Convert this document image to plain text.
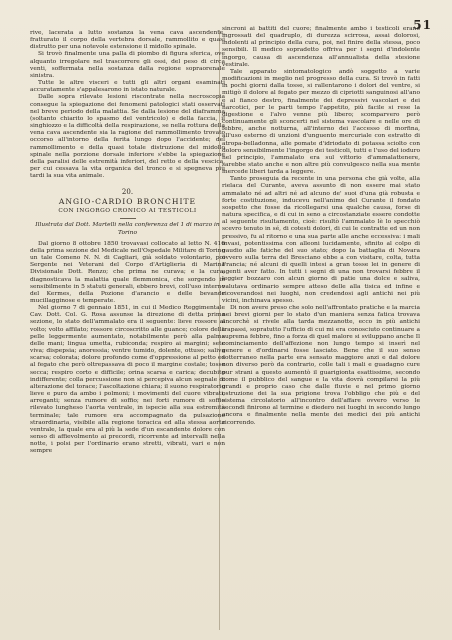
51

rive, lacerata a lutto sostanza la vena cava ascendente, fratturato il corpo della vertebra dorsale, rammollito e quasi distrutto per una notevole estensione il midollo spinale.

Si trovò finalmente una palla di piombo di figura sferica, ove alquanto irregolare nel trascorrere gli ossi, del peso di circa venti, soffermata nella sostanza dalla regione sopraorenale sinistra.

Tutte le altre visceri e tutti gli altri organi esaminati accuratamente s'appalesarono in istato naturale.

Dalle sopra rilevate lesioni riscontrate nella necroscopia consegue la spiegazione dei fenomeni patologici stati osservati nel breve periodo della malattia. Se dalla lesione del diaframma (soltanto chiarito lo spasmo del ventricolo) e della faccia, il singhiozzo e la difficoltà della respirazione, se nella rottura della vena cava ascendente sia la ragione del rammollimento trovato occorso all'intorno della ferita lungo dopo l'accidente; del rammollimento e della quasi totale distruzione del midollo spinale nella porzione dorsale inferiore s'ebbe la spiegazione della paralisi delle estremità inferiori, del retto e della vescica, per cui cessava la vita organica del tronco e si spegneva più tardi la sua vita animale.

20.
ANGIO-CARDIO BRONCHITE
CON INGORGO CRONICO AI TESTICOLI
Illustrata dal Dott. Martelli nella conferenza del 1 di marzo in Torino

Dal giorno 8 ottobre 1850 trovavasi collocato al letto N. 416 della prima sezione del Medicale nell'Ospedale Militare di Torino un tale Comeno N. N. di Cagliari, già soldato volontario, poi Sergente nei Veterani del Corpo d'Artiglieria di Marina Divisionale Dott. Renzo; che prima ne curava; e la cura, diagnosticava la malattia quale flemmonica, che sorgendo in sensibilmente in 5 statuti generali, ebbero brevi, coll'uso interno del Kermes, della Pozione d'arancio e delle bevande mucillagginose e temperate.

Nel giorno 7 di gennaio 1851, in cui il Medico Reggimentale Cav. Dott. Col. G. Rosa assunse la direzione di detta prima sezione, lo stato dell'ammalato era il seguente: lieve rossore al volto; volto affilato; rossore circoscritto alle guance; colore della pelle leggermente aumentato, notabilmente però alla palma delle mani; lingua umetta, rubiconda; respiro ai margini; sete viva; dispepsia; anoressia; ventre tumido, dolente, ottuso; saliva scarsa; colorata; dolore profondo come d'oppressione al petto ed al fegato che però oltrepassava di poco il margine costale; tosse secca; respiro corto e difficile; orina scarsa e carica; decubito indifferente; colla percussione non si percepiva alcun segnale di alterazione del torace; l'ascoltazione chiara; il suono respiratorio lieve e puro da ambo i polmoni; i movimenti del cuore vibrati, arreganti; senza rumore di soffio; nei forti rumore di soffio rilevato lungheso l'aorta ventrale, in ispecie alla sua estremità terminale; tale rumore era accompagnato da pulsazione straordinaria, visibile alla regione toracica ed alla stessa aorta ventrale, la quale era al più la sede d'un escandente dolore con senso di affievolmento ai precordi, ricorrente ad intervalli nella notte, i polsi per l'ordinario erano stretti, vibrati, vari e non sempre

sincroni ai battiti del cuore; finalmente ambo i testicoli erano ingrossati del quadruplo, di durezza scirrosa, assai dolorosi, indolenti al principio della cura, poi, nel finire della stessa, poco sensibili. Il medico sopradetto offriva per i segni d'indolente ingorgo, causa di ascendenza all'annualista della stesione vestirale.

Tale apparato sintomatologico andò soggetto a varie modificazioni in meglio nel progresso della cura. Si trovò in fatti in pochi giorni dalla tosse, si rallentarono i dolori del ventre, si mitigò il dolore al fegato per mezzo di cipriotti sanguinosi all'ano e al fianco destro, finalmente dei depressivi vascolari e dei narcotici, per le parti tempo l'appetito, più facile si rese la digestione e l'alvo venne più libero; scomparvero però continuamente gli sconcerti nel sistema vascolare e nelle ore di febbre, anche notturna, all'interno dei l'accesso di morfina, all'uso esterno di unzioni d'unguento mercuriale con estratto di atropa-belladonna, alle pomate d'idriodato di potassa sciolto con doloro sensibilmente l'ingorgo dei testicoli, tutti e l'uso del ioduro nel principio, l'ammalato era sul vittorio d'ammalattenere, sarebbe stato anche e non altre più convulgesco nella sua mente mercede liberi tarda a leggere.

Tanto proseguia da recente in una persona che già volte, alla rielaca del Curante, aveva assunto di non essere mai stato ammalato né ad altri né ad alcuno de' suoi d'una già robusta e forte costituzione, inducevu nell'animo del Curante il fondato sospetto che fosse da ricollegarsi una qualche causa, forse di natura specifica, e di cui in seno a circostanziate essere condotte al seguente risultamento, cioè: risultò l'ammalato lè lo specchiò scevro tenuto in sé, di cotesti dolori, di cui le contratte ed un non pressivo, fu al ritorno e una sua parte alle anche eccessiva: i mali invasi, potentissima con alleoni lucidamente, sfinito al colpo di gaudio alle fatiche del suo stato; dopo la battaglia di Novara ovvero sulla terra del Bresciano ebbe a con visitare, colta, tutta Francia; né alcuni di quelli intesi a gran tosse lei in genere di agenti aver fatto. In tutti i segni di una non trovarsi febbre il leggier bozzaro con alcun giorno di patie una dolce e saliva, valutava ordinario sempre atteso delle alla tisica ed infine e ricoverandosi nei luoghi, non credendosi agli antichi nei più vicini, inchinava spesso.

Di non avere preso che solo nell'affrontato pratiche e la marcia nei brevi giorni per lo stato d'un maniera senza fatica trovava ancorchè si rivele alla tarda mezzanotte, ecco in più antichi trapassi, sopratutto l'ufficio di cui mi era conosciuto continuare a suprema febbre, fino a forza di quel malore si sviluppano anche Il cominciamento dell'affezione non lungo tempo si inserì nel genere e d'ordinarsi fosse lasciato. Bene che il suo senso sotterraneo nella parte era sensato maggiore anzi e dal dolore non diverso però da contrario, colle tali i mali e guadagno cure pur strani a questo aumentò il guarigionta esattissime, secondo come il pubblico del sangue e la vita dovrà compilarsi la più grandi e proprio caso che dalle fluvie e nel primo giorno ostruzione dei la sua prigione trova l'obbligo che più e del sistema circolatorio all'incontro dell'affare ovvero verso le secondi finirono al termine e diedero nei luoghi in secondo lungo ancora e finalmente nella mente dei medici dei più antichi ricorrendo.
